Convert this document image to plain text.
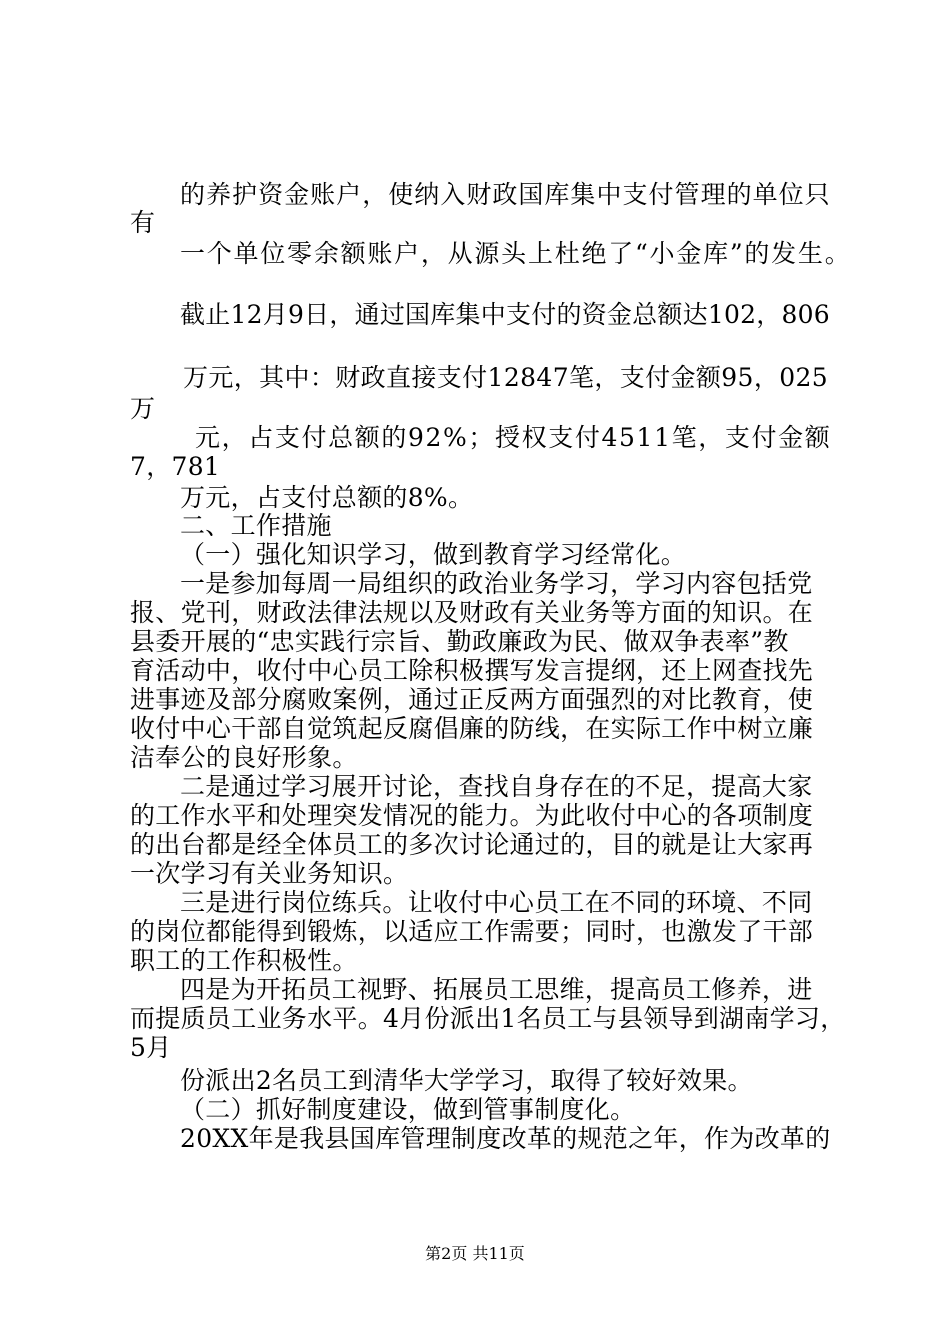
的养护资金账户，使纳入财政国库集中支付管理的单位只
有
一个单位零余额账户，从源头上杜绝了“小金库”的发生。
截止12月9日，通过国库集中支付的资金总额达102，806
万元，其中：财政直接支付12847笔，支付金额95，025
万
元，占支付总额的92%；授权支付4511笔，支付金额
7，781
万元，占支付总额的8%。
二、工作措施
（一）强化知识学习，做到教育学习经常化。
一是参加每周一局组织的政治业务学习，学习内容包括党
报、党刊，财政法律法规以及财政有关业务等方面的知识。在
县委开展的“忠实践行宗旨、勤政廉政为民、做双争表率”教
育活动中，收付中心员工除积极撰写发言提纲，还上网查找先
进事迹及部分腐败案例，通过正反两方面强烈的对比教育，使
收付中心干部自觉筑起反腐倡廉的防线，在实际工作中树立廉
洁奉公的良好形象。
二是通过学习展开讨论，查找自身存在的不足，提高大家
的工作水平和处理突发情况的能力。为此收付中心的各项制度
的出台都是经全体员工的多次讨论通过的，目的就是让大家再
一次学习有关业务知识。
三是进行岗位练兵。让收付中心员工在不同的环境、不同
的岗位都能得到锻炼，以适应工作需要；同时，也激发了干部
职工的工作积极性。
四是为开拓员工视野、拓展员工思维，提高员工修养，进
而提质员工业务水平。4月份派出1名员工与县领导到湖南学习，
5月
份派出2名员工到清华大学学习，取得了较好效果。
（二）抓好制度建设，做到管事制度化。
20XX年是我县国库管理制度改革的规范之年，作为改革的
第2页 共11页
